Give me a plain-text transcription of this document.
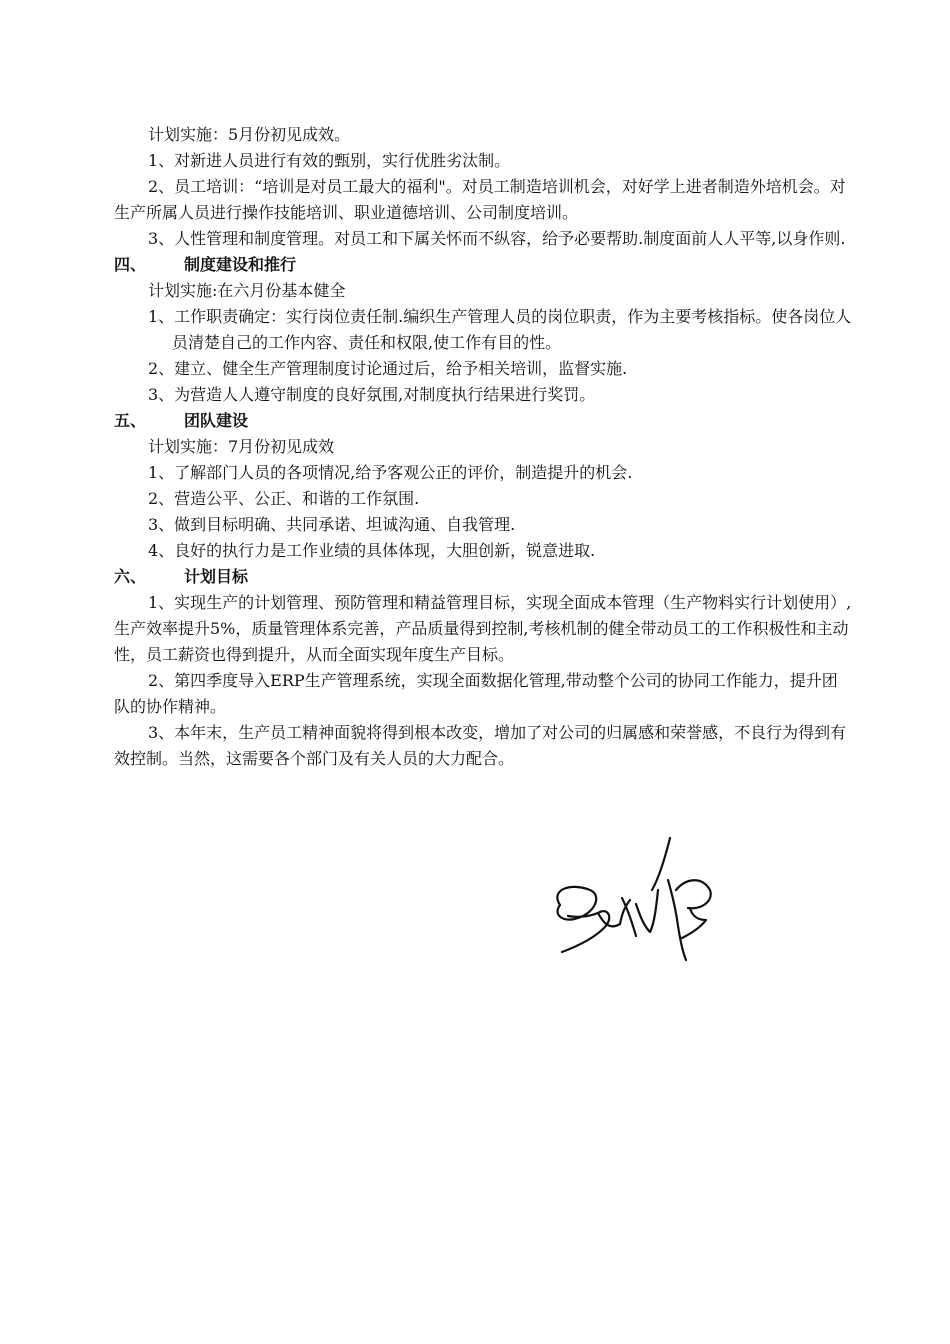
计划实施：5月份初见成效。

1、对新进人员进行有效的甄别，实行优胜劣汰制。

2、员工培训：“培训是对员工最大的福利"。对员工制造培训机会，对好学上进者制造外培机会。对生产所属人员进行操作技能培训、职业道德培训、公司制度培训。

3、人性管理和制度管理。对员工和下属关怀而不纵容，给予必要帮助.制度面前人人平等,以身作则.

四、	制度建设和推行

计划实施:在六月份基本健全

1、工作职责确定：实行岗位责任制.编织生产管理人员的岗位职责，作为主要考核指标。使各岗位人员清楚自己的工作内容、责任和权限,使工作有目的性。

2、建立、健全生产管理制度讨论通过后，给予相关培训，监督实施.

3、为营造人人遵守制度的良好氛围,对制度执行结果进行奖罚。

五、	团队建设

计划实施：7月份初见成效

1、了解部门人员的各项情况,给予客观公正的评价，制造提升的机会.

2、营造公平、公正、和谐的工作氛围.

3、做到目标明确、共同承诺、坦诚沟通、自我管理.

4、良好的执行力是工作业绩的具体体现，大胆创新，锐意进取.

六、	计划目标

1、实现生产的计划管理、预防管理和精益管理目标，实现全面成本管理（生产物料实行计划使用）,生产效率提升5%，质量管理体系完善，产品质量得到控制,考核机制的健全带动员工的工作积极性和主动性，员工薪资也得到提升，从而全面实现年度生产目标。

2、第四季度导入ERP生产管理系统，实现全面数据化管理,带动整个公司的协同工作能力，提升团队的协作精神。

3、本年末，生产员工精神面貌将得到根本改变，增加了对公司的归属感和荣誉感，不良行为得到有效控制。当然，这需要各个部门及有关人员的大力配合。
